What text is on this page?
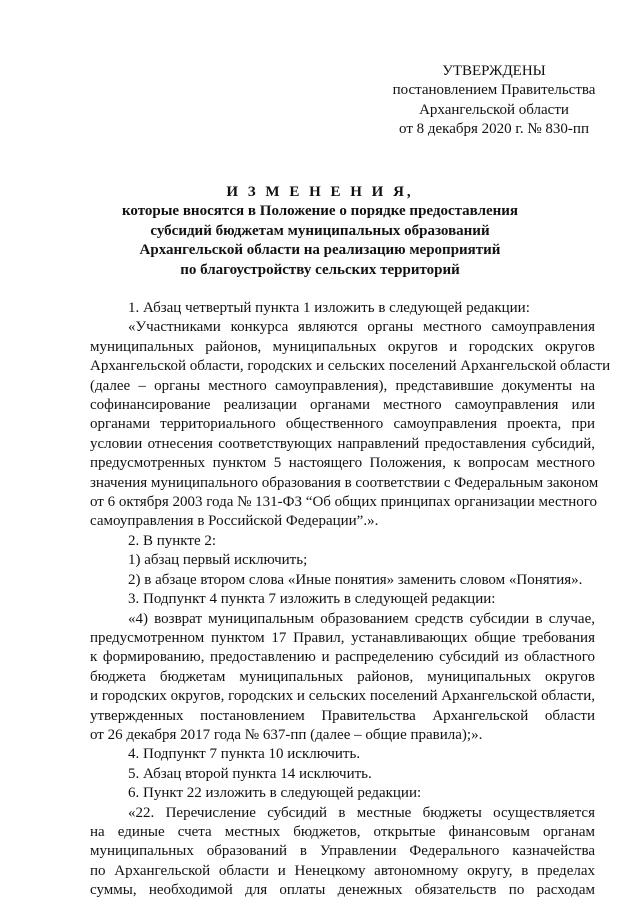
УТВЕРЖДЕНЫ
постановлением Правительства
Архангельской области
от 8 декабря 2020 г. № 830-пп
И З М Е Н Е Н И Я,
которые вносятся в Положение о порядке предоставления
субсидий бюджетам муниципальных образований
Архангельской области на реализацию мероприятий
по благоустройству сельских территорий

1. Абзац четвертый пункта 1 изложить в следующей редакции:

«Участниками конкурса являются органы местного самоуправления

муниципальных районов, муниципальных округов и городских округов

Архангельской области, городских и сельских поселений Архангельской области

(далее – органы местного самоуправления), представившие документы на

софинансирование реализации органами местного самоуправления или

органами территориального общественного самоуправления проекта, при

условии отнесения соответствующих направлений предоставления субсидий,

предусмотренных пунктом 5 настоящего Положения, к вопросам местного

значения муниципального образования в соответствии с Федеральным законом

от 6 октября 2003 года № 131-ФЗ “Об общих принципах организации местного

самоуправления в Российской Федерации”.».

2. В пункте 2:

1) абзац первый исключить;

2) в абзаце втором слова «Иные понятия» заменить словом «Понятия».

3. Подпункт 4 пункта 7 изложить в следующей редакции:

«4) возврат муниципальным образованием средств субсидии в случае,

предусмотренном пунктом 17 Правил, устанавливающих общие требования

к формированию, предоставлению и распределению субсидий из областного

бюджета бюджетам муниципальных районов, муниципальных округов

и городских округов, городских и сельских поселений Архангельской области,

утвержденных постановлением Правительства Архангельской области

от 26 декабря 2017 года № 637-пп (далее – общие правила);».

4. Подпункт 7 пункта 10 исключить.

5. Абзац второй пункта 14 исключить.

6. Пункт 22 изложить в следующей редакции:

«22. Перечисление субсидий в местные бюджеты осуществляется

на единые счета местных бюджетов, открытые финансовым органам

муниципальных образований в Управлении Федерального казначейства

по Архангельской области и Ненецкому автономному округу, в пределах

суммы, необходимой для оплаты денежных обязательств по расходам
